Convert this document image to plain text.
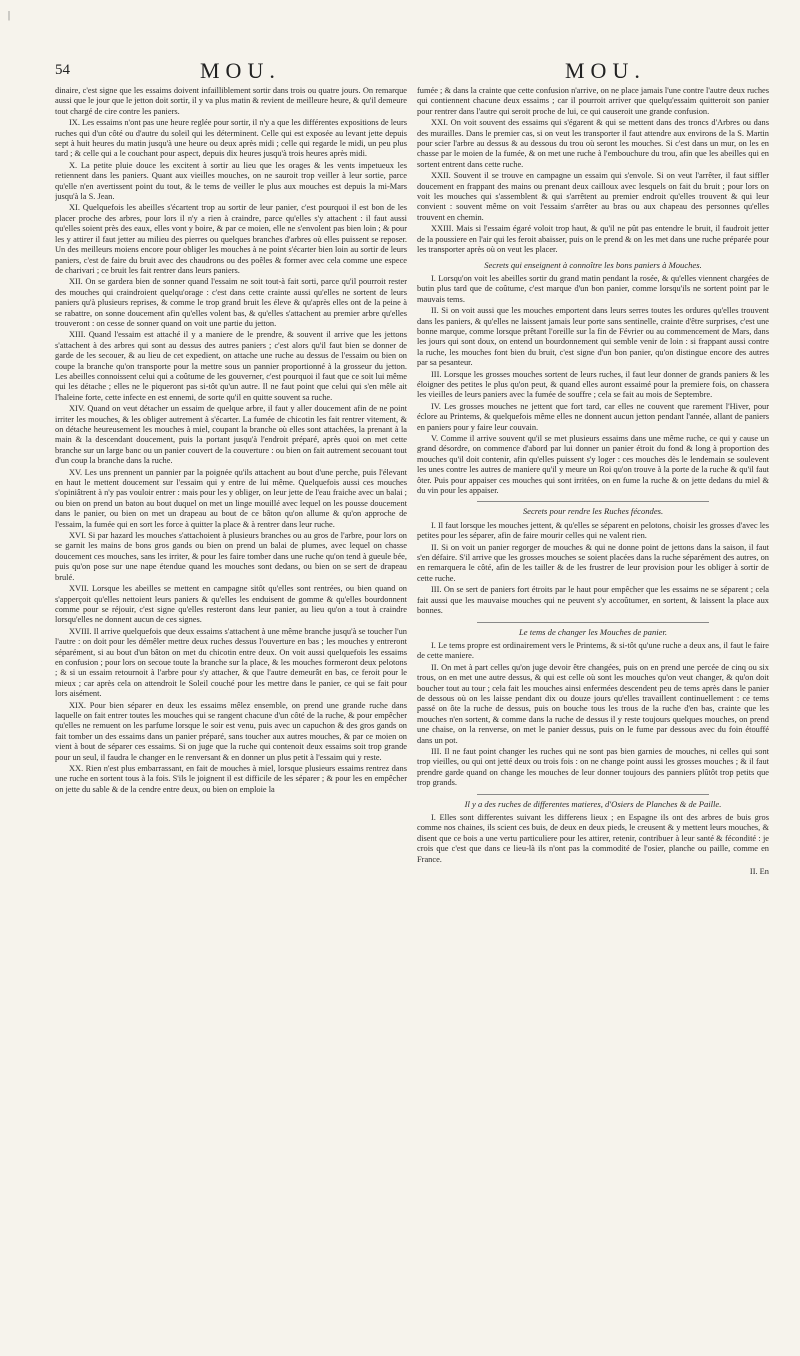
|
54	MOU.	MOU.

dinaire, c'est signe que les essaims doivent infailliblement sortir dans trois ou quatre jours. On remarque aussi que le jour que le jetton doit sortir, il y va plus matin & revient de meilleure heure, & qu'il demeure tout chargé de cire contre les paniers.

IX. Les essaims n'ont pas une heure reglée pour sortir, il n'y a que les différentes expositions de leurs ruches qui d'un côté ou d'autre du soleil qui les déterminent. Celle qui est exposée au levant jette depuis sept à huit heures du matin jusqu'à une heure ou deux après midi ; celle qui regarde le midi, un peu plus tard ; & celle qui a le couchant pour aspect, depuis dix heures jusqu'à trois heures après midi.

X. La petite pluie douce les excitent à sortir au lieu que les orages & les vents impetueux les retiennent dans les paniers. Quant aux vieilles mouches, on ne sauroit trop veiller à leur sortie, parce qu'elle n'en avertissent point du tout, & le tems de veiller le plus aux mouches est depuis la mi-Mars jusqu'à la S. Jean.

XI. Quelquefois les abeilles s'écartent trop au sortir de leur panier, c'est pourquoi il est bon de les placer proche des arbres, pour lors il n'y a rien à craindre, parce qu'elles s'y attachent : il faut aussi qu'elles soient près des eaux, elles vont y boire, & par ce moien, elle ne s'envolent pas bien loin ; & pour les y attirer il faut jetter au milieu des pierres ou quelques branches d'arbres où elles puissent se reposer. Un des meilleurs moiens encore pour obliger les mouches à ne point s'écarter bien loin au sortir de leurs paniers, c'est de faire du bruit avec des chaudrons ou des poêles & former avec cela comme une espece de charivari ; ce bruit les fait rentrer dans leurs paniers.

XII. On se gardera bien de sonner quand l'essaim ne soit tout-à fait sorti, parce qu'il pourroit rester des mouches qui craindroient quelqu'orage : c'est dans cette crainte aussi qu'elles ne sortent de leurs paniers qu'à plusieurs reprises, & comme le trop grand bruit les éleve & qu'après elles ont de la peine à se rabattre, on sonne doucement afin qu'elles volent bas, & qu'elles s'attachent au premier arbre qu'elles trouveront : on cesse de sonner quand on voit une partie du jetton.

XIII. Quand l'essaim est attaché il y a maniere de le prendre, & souvent il arrive que les jettons s'attachent à des arbres qui sont au dessus des autres paniers ; c'est alors qu'il faut bien se donner de garde de les secouer, & au lieu de cet expedient, on attache une ruche au dessus de l'essaim ou bien on coupe la branche qu'on transporte pour la mettre sous un pannier proportionné à la grosseur du jetton. Les abeilles connoissent celui qui a coûtume de les gouverner, c'est pourquoi il faut que ce soit lui même qui les détache ; elles ne le piqueront pas si-tôt qu'un autre. Il ne faut point que celui qui s'en mêle ait l'haleine forte, cette infecte en est ennemi, de sorte qu'il en quitte souvent sa ruche.

XIV. Quand on veut détacher un essaim de quelque arbre, il faut y aller doucement afin de ne point irriter les mouches, & les obliger autrement à s'écarter. La fumée de chicotin les fait rentrer vitement, & on détache heureusement les mouches à miel, coupant la branche où elles sont attachées, la prenant à la main & la descendant doucement, puis la portant jusqu'à l'endroit préparé, après quoi on met cette branche sur un large banc ou un panier couvert de la couverture : ou bien on fait autrement secouant tout d'un coup la branche dans la ruche.

XV. Les uns prennent un pannier par la poignée qu'ils attachent au bout d'une perche, puis l'élevant en haut le mettent doucement sur l'essaim qui y entre de lui même. Quelquefois aussi ces mouches s'opiniâtrent à n'y pas vouloir entrer : mais pour les y obliger, on leur jette de l'eau fraiche avec un balai ; ou bien on prend un baton au bout duquel on met un linge mouillé avec lequel on les pousse doucement dans le panier, ou bien on met un drapeau au bout de ce bâton qu'on allume & qu'on approche de l'essaim, la fumée qui en sort les force à quitter la place & à rentrer dans leur ruche.

XVI. Si par hazard les mouches s'attachoient à plusieurs branches ou au gros de l'arbre, pour lors on se garnit les mains de bons gros gands ou bien on prend un balai de plumes, avec lequel on chasse doucement ces mouches, sans les irriter, & pour les faire tomber dans une ruche qu'on tend à gueule bée, puis qu'on pose sur une nape étendue quand les mouches sont dedans, ou bien on se sert de drapeau brulé.

XVII. Lorsque les abeilles se mettent en campagne sitôt qu'elles sont rentrées, ou bien quand on s'apperçoit qu'elles nettoient leurs paniers & qu'elles les enduisent de gomme & qu'elles bourdonnent comme pour se réjouir, c'est signe qu'elles resteront dans leur panier, au lieu qu'on a tout à craindre lorsqu'elles ne donnent aucun de ces signes.

XVIII. Il arrive quelquefois que deux essaims s'attachent à une même branche jusqu'à se toucher l'un l'autre : on doit pour les démêler mettre deux ruches dessus l'ouverture en bas ; les mouches y entreront séparément, si au bout d'un bâton on met du chicotin entre deux. On voit aussi quelquefois les essaims en confusion ; pour lors on secoue toute la branche sur la place, & les mouches formeront deux pelotons ; & si un essaim retournoit à l'arbre pour s'y attacher, & que l'autre demeurât en bas, ce feroit pour le mieux ; car après cela on attendroit le Soleil couché pour les mettre dans le panier, ce qui se fait pour lors aisément.

XIX. Pour bien séparer en deux les essaims mêlez ensemble, on prend une grande ruche dans laquelle on fait entrer toutes les mouches qui se rangent chacune d'un côté de la ruche, & pour empêcher qu'elles ne remuent on les parfume lorsque le soir est venu, puis avec un capuchon & des gros gands on fait tomber un des essaims dans un panier préparé, sans toucher aux autres mouches, & par ce moien on vient à bout de séparer ces essaims. Si on juge que la ruche qui contenoit deux essaims soit trop grande pour un seul, il faudra le changer en le renversant & en donner un plus petit à l'essaim qui y reste.

XX. Rien n'est plus embarrassant, en fait de mouches à miel, lorsque plusieurs essaims rentrez dans une ruche en sortent tous à la fois. S'ils le joignent il est difficile de les séparer ; & pour les en empêcher on jette du sable & de la cendre entre deux, ou bien on emploie la

fumée ; & dans la crainte que cette confusion n'arrive, on ne place jamais l'une contre l'autre deux ruches qui contiennent chacune deux essaims ; car il pourroit arriver que quelqu'essaim quitteroit son panier pour rentrer dans l'autre qui seroit proche de lui, ce qui causeroit une grande confusion.

XXI. On voit souvent des essaims qui s'égarent & qui se mettent dans des troncs d'Arbres ou dans des murailles. Dans le premier cas, si on veut les transporter il faut attendre aux environs de la S. Martin pour scier l'arbre au dessus & au dessous du trou où seront les mouches. Si c'est dans un mur, on les en chasse par le moien de la fumée, & on met une ruche à l'embouchure du trou, afin que les abeilles qui en sortent entrent dans cette ruche.

XXII. Souvent il se trouve en campagne un essaim qui s'envole. Si on veut l'arrêter, il faut siffler doucement en frappant des mains ou prenant deux cailloux avec lesquels on fait du bruit ; pour lors on voit les mouches qui s'assemblent & qui s'arrêtent au premier endroit qu'elles trouvent & qui leur convient : souvent même on voit l'essaim s'arrêter au bras ou aux chapeau des personnes qu'elles trouvent en chemin.

XXIII. Mais si l'essaim égaré voloit trop haut, & qu'il ne pût pas entendre le bruit, il faudroit jetter de la poussiere en l'air qui les feroit abaisser, puis on le prend & on les met dans une ruche préparée pour les transporter après où on veut les placer.

Secrets qui enseignent à connoître les bons paniers à Mouches.

I. Lorsqu'on voit les abeilles sortir du grand matin pendant la rosée, & qu'elles viennent chargées de butin plus tard que de coûtume, c'est marque d'un bon panier, comme lorsqu'ils ne sortent point par le mauvais tems.

II. Si on voit aussi que les mouches emportent dans leurs serres toutes les ordures qu'elles trouvent dans les paniers, & qu'elles ne laissent jamais leur porte sans sentinelle, crainte d'être surprises, c'est une bonne marque, comme lorsque prêtant l'oreille sur la fin de Février ou au commencement de Mars, dans les jours qui sont doux, on entend un bourdonnement qui semble venir de loin : si frappant aussi contre la ruche, les mouches font bien du bruit, c'est signe d'un bon panier, qu'on distingue encore des autres par sa pesanteur.

III. Lorsque les grosses mouches sortent de leurs ruches, il faut leur donner de grands paniers & les éloigner des petites le plus qu'on peut, & quand elles auront essaimé pour la premiere fois, on chassera les vieilles de leurs paniers avec la fumée de souffre ; cela se fait au mois de Septembre.

IV. Les grosses mouches ne jettent que fort tard, car elles ne couvent que rarement l'Hiver, pour éclore au Printems, & quelquefois même elles ne donnent aucun jetton pendant l'année, allant de paniers en paniers pour y faire leur couvain.

V. Comme il arrive souvent qu'il se met plusieurs essaims dans une même ruche, ce qui y cause un grand désordre, on commence d'abord par lui donner un panier étroit du fond & long à proportion des mouches qu'il doit contenir, afin qu'elles puissent s'y loger : ces mouches dès le lendemain se soulevent les unes contre les autres de maniere qu'il y meure un Roi qu'on trouve à la porte de la ruche & qu'il faut ôter. Puis pour appaiser ces mouches qui sont irritées, on en fume la ruche & on jette dedans du miel & du vin pour les appaiser.

Secrets pour rendre les Ruches fécondes.

I. Il faut lorsque les mouches jettent, & qu'elles se séparent en pelotons, choisir les grosses d'avec les petites pour les séparer, afin de faire mourir celles qui ne valent rien.

II. Si on voit un panier regorger de mouches & qui ne donne point de jettons dans la saison, il faut s'en défaire. S'il arrive que les grosses mouches se soient placées dans la ruche séparément des autres, on en remarquera le côté, afin de les tailler & de les frustrer de leur provision pour les obliger à sortir de cette ruche.

III. On se sert de paniers fort étroits par le haut pour empêcher que les essaims ne se séparent ; cela fait aussi que les mauvaise mouches qui ne peuvent s'y accoûtumer, en sortent, & laissent la place aux bonnes.

Le tems de changer les Mouches de panier.

I. Le tems propre est ordinairement vers le Printems, & si-tôt qu'une ruche a deux ans, il faut le faire de cette maniere.

II. On met à part celles qu'on juge devoir être changées, puis on en prend une percée de cinq ou six trous, on en met une autre dessus, & qui est celle où sont les mouches qu'on veut changer, & qu'on doit boucher tout au tour ; cela fait les mouches ainsi enfermées descendent peu de tems après dans le panier de dessous où on les laisse pendant dix ou douze jours qu'elles travaillent continuellement : ce tems passé on ôte la ruche de dessus, puis on bouche tous les trous de la ruche d'en bas, crainte que les mouches n'en sortent, & comme dans la ruche de dessus il y reste toujours quelques mouches, on prend une chaise, on la renverse, on met le panier dessus, puis on le fume par dessous avec du foin étouffé dans un pot.

III. Il ne faut point changer les ruches qui ne sont pas bien garnies de mouches, ni celles qui sont trop vieilles, ou qui ont jetté deux ou trois fois : on ne change point aussi les grosses mouches ; & il faut prendre garde quand on change les mouches de leur donner toujours des panniers plûtôt trop petits que trop grands.

Il y a des ruches de differentes matieres, d'Osiers de Planches & de Paille.

I. Elles sont differentes suivant les differens lieux ; en Espagne ils ont des arbres de buis gros comme nos chaines, ils scient ces buis, de deux en deux pieds, le creusent & y mettent leurs mouches, & disent que ce bois a une vertu particuliere pour les attirer, retenir, contribuer à leur santé & fécondité : je crois que c'est que dans ce lieu-là ils n'ont pas la commodité de l'osier, planche ou paille, comme en France.

II. En
